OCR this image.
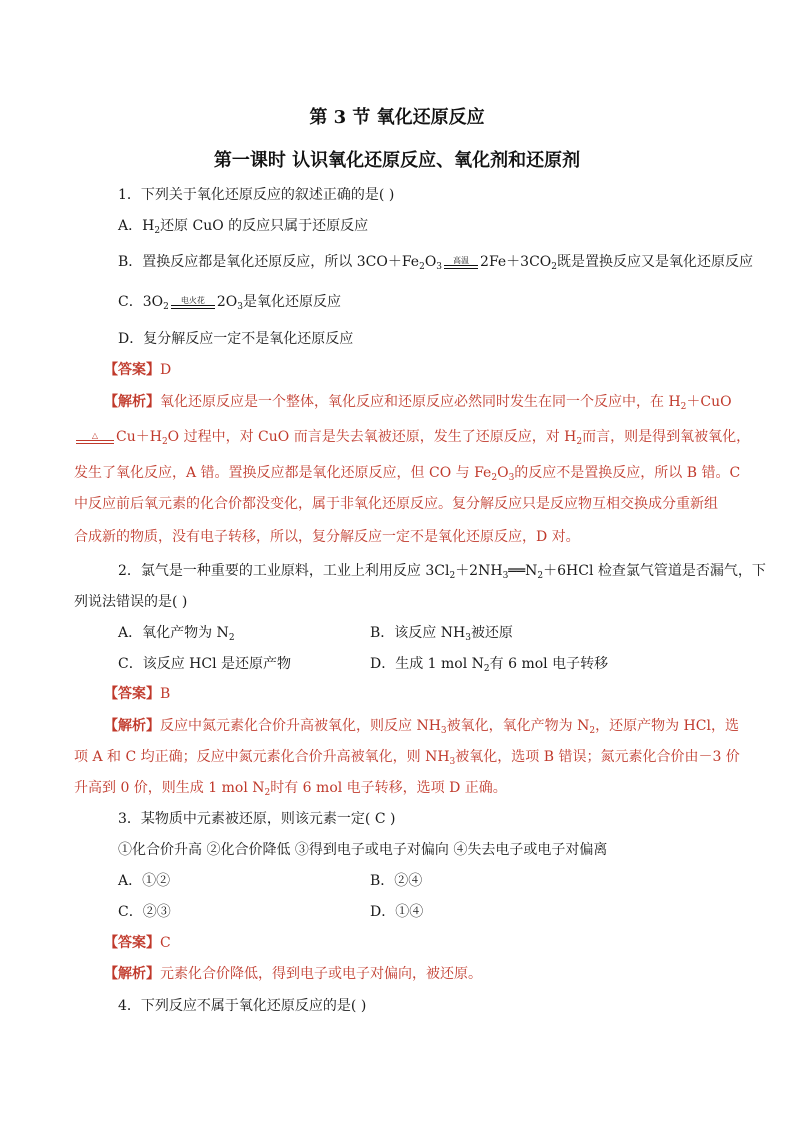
第 3 节 氧化还原反应
第一课时 认识氧化还原反应、氧化剂和还原剂
1．下列关于氧化还原反应的叙述正确的是( )
A．$H_2$还原 CuO 的反应只属于还原反应
B．置换反应都是氧化还原反应，所以 $3CO+Fe_2O_3$
高温 $2Fe+3CO_2$既是置换反应又是氧化还原反应
C．$3O_2$
电火花 $2O_3$是氧化还原反应
D．复分解反应一定不是氧化还原反应
【答案】D
【解析】氧化还原反应是一个整体，氧化反应和还原反应必然同时发生在同一个反应中，在 $H_2+CuO$
△	$Cu+H_2O$ 过程中，对 CuO 而言是失去氧被还原，发生了还原反应，对 $H_2$而言，则是得到氧被氧化，
发生了氧化反应，A 错。置换反应都是氧化还原反应，但 CO 与 $Fe_2O_3$的反应不是置换反应，所以 B 错。C
中反应前后氧元素的化合价都没变化，属于非氧化还原反应。复分解反应只是反应物互相交换成分重新组
合成新的物质，没有电子转移，所以，复分解反应一定不是氧化还原反应，D 对。
2．氯气是一种重要的工业原料，工业上利用反应 $3Cl_2+2NH_3══N_2+6HCl$ 检查氯气管道是否漏气，下
列说法错误的是( )
A．氧化产物为 $N_2$	B．该反应 $NH_3$被还原
C．该反应 HCl 是还原产物	D．生成 1 mol $N_2$有 6 mol 电子转移
【答案】B
【解析】反应中氮元素化合价升高被氧化，则反应 $NH_3$被氧化，氧化产物为 $N_2$，还原产物为 HCl，选
项 A 和 C 均正确；反应中氮元素化合价升高被氧化，则 $NH_3$被氧化，选项 B 错误；氮元素化合价由－3 价
升高到 0 价，则生成 1 mol $N_2$时有 6 mol 电子转移，选项 D 正确。
3．某物质中元素被还原，则该元素一定( C )
①化合价升高 ②化合价降低 ③得到电子或电子对偏向 ④失去电子或电子对偏离
A．①②	B．②④
C．②③	D．①④
【答案】C
【解析】元素化合价降低，得到电子或电子对偏向，被还原。
4．下列反应不属于氧化还原反应的是( )
